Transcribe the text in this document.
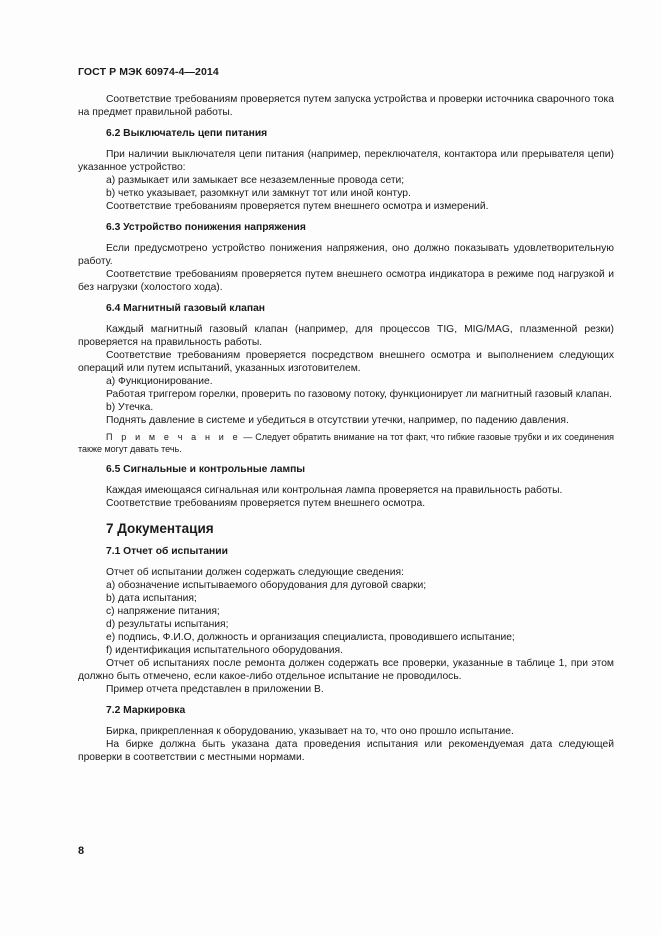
ГОСТ Р МЭК 60974-4—2014

Соответствие требованиям проверяется путем запуска устройства и проверки источника сварочного тока на предмет правильной работы.

6.2 Выключатель цепи питания

При наличии выключателя цепи питания (например, переключателя, контактора или прерывателя цепи) указанное устройство:

a) размыкает или замыкает все незаземленные провода сети;

b) четко указывает, разомкнут или замкнут тот или иной контур.

Соответствие требованиям проверяется путем внешнего осмотра и измерений.

6.3 Устройство понижения напряжения

Если предусмотрено устройство понижения напряжения, оно должно показывать удовлетворительную работу.

Соответствие требованиям проверяется путем внешнего осмотра индикатора в режиме под нагрузкой и без нагрузки (холостого хода).

6.4 Магнитный газовый клапан

Каждый магнитный газовый клапан (например, для процессов TIG, MIG/MAG, плазменной резки) проверяется на правильность работы.

Соответствие требованиям проверяется посредством внешнего осмотра и выполнением следующих операций или путем испытаний, указанных изготовителем.

a) Функционирование.

Работая триггером горелки, проверить по газовому потоку, функционирует ли магнитный газовый клапан.

b) Утечка.

Поднять давление в системе и убедиться в отсутствии утечки, например, по падению давления.

П р и м е ч а н и е — Следует обратить внимание на тот факт, что гибкие газовые трубки и их соединения также могут давать течь.

6.5 Сигнальные и контрольные лампы

Каждая имеющаяся сигнальная или контрольная лампа проверяется на правильность работы.

Соответствие требованиям проверяется путем внешнего осмотра.

7 Документация
7.1 Отчет об испытании

Отчет об испытании должен содержать следующие сведения:

a) обозначение испытываемого оборудования для дуговой сварки;

b) дата испытания;

c) напряжение питания;

d) результаты испытания;

e) подпись, Ф.И.О, должность и организация специалиста, проводившего испытание;

f) идентификация испытательного оборудования.

Отчет об испытаниях после ремонта должен содержать все проверки, указанные в таблице 1, при этом должно быть отмечено, если какое-либо отдельное испытание не проводилось.

Пример отчета представлен в приложении B.

7.2 Маркировка

Бирка, прикрепленная к оборудованию, указывает на то, что оно прошло испытание.

На бирке должна быть указана дата проведения испытания или рекомендуемая дата следующей проверки в соответствии с местными нормами.

8
